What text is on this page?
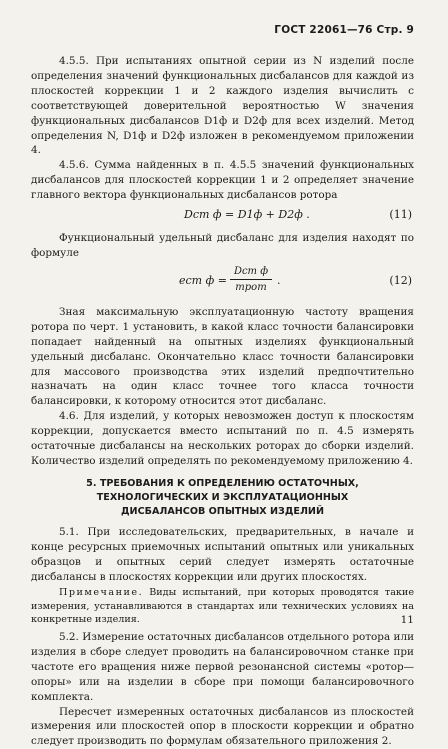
ГОСТ 22061—76 Стр. 9

4.5.5. При испытаниях опытной серии из N изделий после определения значений функциональных дисбалансов для каждой из плоскостей коррекции 1 и 2 каждого изделия вычислить с соответствующей доверительной вероятностью W значения функциональных дисбалансов D1ф и D2ф для всех изделий. Метод определения N, D1ф и D2ф изложен в рекомендуемом приложении 4.

4.5.6. Сумма найденных в п. 4.5.5 значений функциональных дисбалансов для плоскостей коррекции 1 и 2 определяет значение главного вектора функциональных дисбалансов ротора

Dст ф = D1ф + D2ф .	(11)

Функциональный удельный дисбаланс для изделия находят по формуле

eст ф =
Dст ф
mрот
.	(12)

Зная максимальную эксплуатационную частоту вращения ротора по черт. 1 установить, в какой класс точности балансировки попадает найденный на опытных изделиях функциональный удельный дисбаланс. Окончательно класс точности балансировки для массового производства этих изделий предпочтительно назначать на один класс точнее того класса точности балансировки, к которому относится этот дисбаланс.

4.6. Для изделий, у которых невозможен доступ к плоскостям коррекции, допускается вместо испытаний по п. 4.5 измерять остаточные дисбалансы на нескольких роторах до сборки изделий. Количество изделий определять по рекомендуемому приложению 4.

5. ТРЕБОВАНИЯ К ОПРЕДЕЛЕНИЮ ОСТАТОЧНЫХ,
ТЕХНОЛОГИЧЕСКИХ И ЭКСПЛУАТАЦИОННЫХ
ДИСБАЛАНСОВ ОПЫТНЫХ ИЗДЕЛИЙ

5.1. При исследовательских, предварительных, в начале и конце ресурсных приемочных испытаний опытных или уникальных образцов и опытных серий следует измерять остаточные дисбалансы в плоскостях коррекции или других плоскостях.

Примечание. Виды испытаний, при которых проводятся такие измерения, устанавливаются в стандартах или технических условиях на конкретные изделия.

5.2. Измерение остаточных дисбалансов отдельного ротора или изделия в сборе следует проводить на балансировочном станке при частоте его вращения ниже первой резонансной системы «ротор—опоры» или на изделии в сборе при помощи балансировочного комплекта.

Пересчет измеренных остаточных дисбалансов из плоскостей измерения или плоскостей опор в плоскости коррекции и обратно следует производить по формулам обязательного приложения 2.

11
